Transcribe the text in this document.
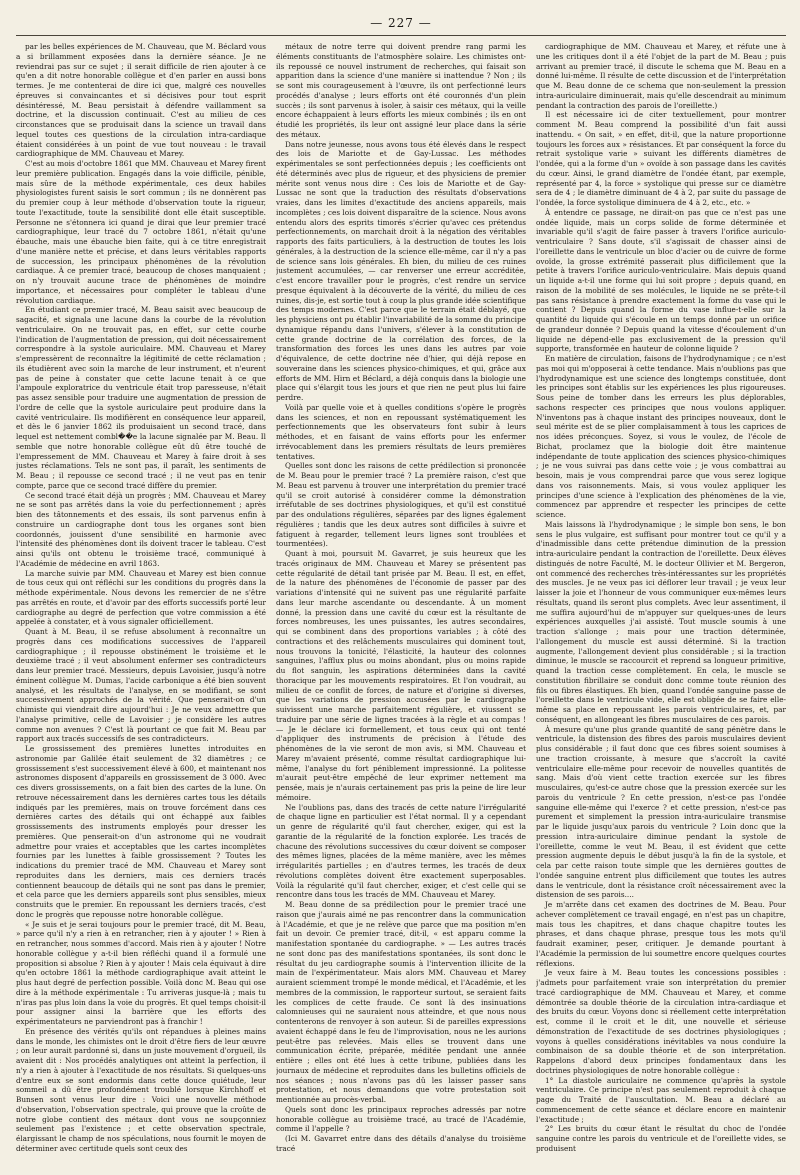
— 227 —

par les belles expériences de M. Chauveau, que M. Béclard vous a si brillamment exposées dans la dernière séance. Je ne reviendrai pas sur ce sujet ; il serait difficile de rien ajouter à ce qu'en a dit notre honorable collègue et d'en parler en aussi bons termes. Je me contenterai de dire ici que, malgré ces nouvelles épreuves si convaincantes et si décisives pour tout esprit désintéressé, M. Beau persistait à défendre vaillamment sa doctrine, et la discussion continuait. C'est au milieu de ces circonstances que se produisait dans la science un travail dans lequel toutes ces questions de la circulation intra-cardiaque étaient considérées à un point de vue tout nouveau : le travail cardiographique de MM. Chauveau et Marey.

C'est au mois d'octobre 1861 que MM. Chauveau et Marey firent leur première publication. Engagés dans la voie difficile, pénible, mais sûre de la méthode expérimentale, ces deux habiles physiologistes furent saisis le sort commun ; ils ne donnèrent pas du premier coup à leur méthode d'observation toute la rigueur, toute l'exactitude, toute la sensibilité dont elle était susceptible. Personne ne s'étonnera ici quand je dirai que leur premier tracé cardiographique, leur tracé du 7 octobre 1861, n'était qu'une ébauche, mais une ébauche bien faite, qui à ce titre enregistrait d'une manière nette et précise, et dans leurs véritables rapports de succession, les principaux phénomènes de la révolution cardiaque. À ce premier tracé, beaucoup de choses manquaient ; on n'y trouvait aucune trace de phénomènes de moindre importance, et nécessaires pour compléter le tableau d'une révolution cardiaque.

En étudiant ce premier tracé, M. Beau saisit avec beaucoup de sagacité, et signala une lacune dans la courbe de la révolution ventriculaire. On ne trouvait pas, en effet, sur cette courbe l'indication de l'augmentation de pression, qui doit nécessairement correspondre à la systole auriculaire. MM. Chauveau et Marey s'empressèrent de reconnaître la légitimité de cette réclamation ; ils étudièrent avec soin la marche de leur instrument, et n'eurent pas de peine à constater que cette lacune tenait à ce que l'ampoule exploratrice du ventricule était trop paresseuse, n'était pas assez sensible pour traduire une augmentation de pression de l'ordre de celle que la systole auriculaire peut produire dans la cavité ventriculaire. Ils modifièrent en conséquence leur appareil, et dès le 6 janvier 1862 ils produisaient un second tracé, dans lequel est nettement combl��e la lacune signalée par M. Beau. Il semble que notre honorable collègue eût dû être touché de l'empressement de MM. Chauveau et Marey à faire droit à ses justes réclamations. Tels ne sont pas, il paraît, les sentiments de M. Beau ; il repousse ce second tracé ; il ne veut pas en tenir compte, parce que ce second tracé diffère du premier.

Ce second tracé était déjà un progrès ; MM. Chauveau et Marey ne se sont pas arrêtés dans la voie du perfectionnement ; après bien des tâtonnements et des essais, ils sont parvenus enfin à construire un cardiographe dont tous les organes sont bien coordonnés, jouissent d'une sensibilité en harmonie avec l'intensité des phénomènes dont ils doivent tracer le tableau. C'est ainsi qu'ils ont obtenu le troisième tracé, communiqué à l'Académie de médecine en avril 1863.

La marche suivie par MM. Chauveau et Marey est bien connue de tous ceux qui ont réfléchi sur les conditions du progrès dans la méthode expérimentale. Nous devons les remercier de ne s'être pas arrêtés en route, et d'avoir par des efforts successifs porté leur cardiographe au degré de perfection que votre commission a été appelée à constater, et à vous signaler officiellement.

Quant à M. Beau, il se refuse absolument à reconnaître un progrès dans ces modifications successives de l'appareil cardiographique ; il repousse obstinément le troisième et le deuxième tracé ; il veut absolument enfermer ses contradicteurs dans leur premier tracé. Messieurs, depuis Lavoisier, jusqu'à notre éminent collègue M. Dumas, l'acide carbonique a été bien souvent analysé, et les résultats de l'analyse, en se modifiant, se sont successivement approchés de la vérité. Que penserait-on d'un chimiste qui viendrait dire aujourd'hui : Je ne veux admettre que l'analyse primitive, celle de Lavoisier ; je considère les autres comme non avenues ? C'est là pourtant ce que fait M. Beau par rapport aux tracés successifs de ses contradicteurs.

Le grossissement des premières lunettes introduites en astronomie par Galilée était seulement de 32 diamètres ; ce grossissement s'est successivement élevé à 600, et maintenant nos astronomes disposent d'appareils en grossissement de 3 000. Avec ces divers grossissements, on a fait bien des cartes de la lune. On retrouve nécessairement dans les dernières cartes tous les détails indiqués par les premières, mais on trouve forcément dans ces dernières cartes des détails qui ont échappé aux faibles grossissements des instruments employés pour dresser les premières. Que penserait-on d'un astronome qui ne voudrait admettre pour vraies et acceptables que les cartes incomplètes fournies par les lunettes à faible grossissement ? Toutes les indications du premier tracé de MM. Chauveau et Marey sont reproduites dans les derniers, mais ces derniers tracés contiennent beaucoup de détails qui ne sont pas dans le premier, et cela parce que les derniers appareils sont plus sensibles, mieux construits que le premier. En repoussant les derniers tracés, c'est donc le progrès que repousse notre honorable collègue.

« Je suis et je serai toujours pour le premier tracé, dit M. Beau, » parce qu'il n'y a rien à en retrancher, rien à y ajouter ! » Rien à en retrancher, nous sommes d'accord. Mais rien à y ajouter ! Notre honorable collègue y a-t-il bien réfléchi quand il a formulé une proposition si absolue ? Rien à y ajouter ! Mais cela équivaut à dire qu'en octobre 1861 la méthode cardiographique avait atteint le plus haut degré de perfection possible. Voilà donc M. Beau qui ose dire à la méthode expérimentale : Tu arriveras jusque-là ; mais tu n'iras pas plus loin dans la voie du progrès. Et quel temps choisit-il pour assigner ainsi la barrière que les efforts des expérimentateurs ne parviendront pas à franchir !

En présence des vérités qu'ils ont répandues à pleines mains dans le monde, les chimistes ont le droit d'être fiers de leur œuvre ; on leur aurait pardonné si, dans un juste mouvement d'orgueil, ils avaient dit : Nos procédés analytiques ont atteint la perfection, il n'y a rien à ajouter à l'exactitude de nos résultats. Si quelques-uns d'entre eux se sont endormis dans cette douce quiétude, leur sommeil a dû être profondément troublé lorsque Kirchhoff et Bunsen sont venus leur dire : Voici une nouvelle méthode d'observation, l'observation spectrale, qui prouve que la croûte de notre globe contient des métaux dont vous ne soupçonniez seulement pas l'existence ; et cette observation spectrale, élargissant le champ de nos spéculations, nous fournit le moyen de déterminer avec certitude quels sont ceux des

métaux de notre terre qui doivent prendre rang parmi les éléments constituants de l'atmosphère solaire. Les chimistes ont-ils repoussé ce nouvel instrument de recherches, qui faisait son apparition dans la science d'une manière si inattendue ? Non ; ils se sont mis courageusement à l'œuvre, ils ont perfectionné leurs procédés d'analyse ; leurs efforts ont été couronnés d'un plein succès ; ils sont parvenus à isoler, à saisir ces métaux, qui la veille encore échappaient à leurs efforts les mieux combinés ; ils en ont étudié les propriétés, ils leur ont assigné leur place dans la série des métaux.

Dans notre jeunesse, nous avons tous été élevés dans le respect des lois de Mariotte et de Gay-Lussac. Les méthodes expérimentales se sont perfectionnées depuis ; les coefficients ont été déterminés avec plus de rigueur, et des physiciens de premier mérite sont venus nous dire : Ces lois de Mariotte et de Gay-Lussac ne sont que la traduction des résultats d'observations vraies, dans les limites d'exactitude des anciens appareils, mais incomplètes ; ces lois doivent disparaître de la science. Nous avons entendu alors des esprits timorés s'écrier qu'avec ces prétendus perfectionnements, on marchait droit à la négation des véritables rapports des faits particuliers, à la destruction de toutes les lois générales, à la destruction de la science elle-même, car il n'y a pas de science sans lois générales. Eh bien, du milieu de ces ruines justement accumulées, — car renverser une erreur accréditée, c'est encore travailler pour le progrès, c'est rendre un service presque équivalent à la découverte de la vérité, du milieu de ces ruines, dis-je, est sortie tout à coup la plus grande idée scientifique des temps modernes. C'est parce que le terrain était déblayé, que les physiciens ont pu établir l'invariabilité de la somme du principe dynamique répandu dans l'univers, s'élever à la constitution de cette grande doctrine de la corrélation des forces, de la transformation des forces les unes dans les autres par voie d'équivalence, de cette doctrine née d'hier, qui déjà repose en souveraine dans les sciences physico-chimiques, et qui, grâce aux efforts de MM. Hirn et Béclard, a déjà conquis dans la biologie une place qui s'élargit tous les jours et que rien ne peut plus lui faire perdre.

Voilà par quelle voie et à quelles conditions s'opère le progrès dans les sciences, et non en repoussant systématiquement les perfectionnements que les observateurs font subir à leurs méthodes, et en faisant de vains efforts pour les enfermer irrévocablement dans les premiers résultats de leurs premières tentatives.

Quelles sont donc les raisons de cette prédilection si prononcée de M. Beau pour le premier tracé ? La première raison, c'est que M. Beau est parvenu à trouver une interprétation du premier tracé qu'il se croit autorisé à considérer comme la démonstration irréfutable de ses doctrines physiologiques, et qu'il est constitué par des ondulations régulières, séparées par des lignes également régulières ; tandis que les deux autres sont difficiles à suivre et fatiguent à regarder, tellement leurs lignes sont troublées et tourmentées).

Quant à moi, poursuit M. Gavarret, je suis heureux que les tracés originaux de MM. Chauveau et Marey se présentent pas cette régularité de détail tant prisée par M. Beau. Il est, en effet, de la nature des phénomènes de l'économie de passer par des variations d'intensité qui ne suivent pas une régularité parfaite dans leur marche ascendante ou descendante. À un moment donné, la pression dans une cavité du cœur est la résultante de forces nombreuses, les unes puissantes, les autres secondaires, qui se combinent dans des proportions variables ; à côté des contractions et des relâchements musculaires qui dominent tout, nous trouvons la tonicité, l'élasticité, la hauteur des colonnes sanguines, l'afflux plus ou moins abondant, plus ou moins rapide du flot sanguin, les aspirations déterminées dans la cavité thoracique par les mouvements respiratoires. Et l'on voudrait, au milieu de ce conflit de forces, de nature et d'origine si diverses, que les variations de pression accusées par le cardiographe suivissent une marche parfaitement régulière, et viussent se traduire par une série de lignes tracées à la règle et au compas ! — Je le déclare ici formellement, et tous ceux qui ont tenté d'appliquer des instruments de précision à l'étude des phénomènes de la vie seront de mon avis, si MM. Chauveau et Marey m'avaient présenté, comme résultat cardiographique lui-même, l'analyse du fort péniblement impressionné. La politesse m'aurait peut-être empêché de leur exprimer nettement ma pensée, mais je n'aurais certainement pas pris la peine de lire leur mémoire.

Ne l'oublions pas, dans des tracés de cette nature l'irrégularité de chaque ligne en particulier est l'état normal. Il y a cependant un genre de régularité qu'il faut chercher, exiger, qui est la garantie de la régularité de la fonction explorée. Les tracés de chacune des révolutions successives du cœur doivent se composer des mêmes lignes, placées de la même manière, avec les mêmes irrégularités partielles ; en d'autres termes, les tracés de deux révolutions complètes doivent être exactement superposables. Voilà la régularité qu'il faut chercher, exiger, et c'est celle qui se rencontre dans tous les tracés de MM. Chauveau et Marey.

M. Beau donne de sa prédilection pour le premier tracé une raison que j'aurais aimé ne pas rencontrer dans la communication à l'Académie, et que je ne relève que parce que ma position m'en fait un devoir. Ce premier tracé, dit-il, « est apparu comme la manifestation spontanée du cardiographe. » — Les autres tracés ne sont donc pas des manifestations spontanées, ils sont donc le résultat du jeu cardiographe soumis à l'intervention illicite de la main de l'expérimentateur. Mais alors MM. Chauveau et Marey auraient sciemment trompé le monde médical, et l'Académie, et les membres de la commission, le rapporteur surtout, se seraient faits les complices de cette fraude. Ce sont là des insinuations calomnieuses qui ne sauraient nous atteindre, et que nous nous contenterons de renvoyer à son auteur. Si de pareilles expressions avaient échappé dans le feu de l'improvisation, nous ne les aurions peut-être pas relevées. Mais elles se trouvent dans une communication écrite, préparée, méditée pendant une année entière ; elles ont été lues à cette tribune, publiées dans les journaux de médecine et reproduites dans les bulletins officiels de nos séances ; nous n'avons pas dû les laisser passer sans protestation, et nous demandons que votre protestation soit mentionnée au procès-verbal.

Quels sont donc les principaux reproches adressés par notre honorable collègue au troisième tracé, au tracé de l'Académie, comme il l'appelle ?

(Ici M. Gavarret entre dans des détails d'analyse du troisième tracé

cardiographique de MM. Chauveau et Marey, et réfute une à une les critiques dont il a été l'objet de la part de M. Beau ; puis arrivant au premier tracé, il discute le schema que M. Beau en a donné lui-même. Il résulte de cette discussion et de l'interprétation que M. Beau donne de ce schema que non-seulement la pression intra-auriculaire diminuerait, mais qu'elle descendrait au minimum pendant la contraction des parois de l'oreillette.)

Il est nécessaire ici de citer textuellement, pour montrer comment M. Beau comprend la possibilité d'un fait aussi inattendu. « On sait, » en effet, dit-il, que la nature proportionne toujours les forces aux » résistances. Et par conséquent la force du retrait systolique varie » suivant les différents diamètres de l'ondée, qui a la forme d'un » ovoïde à son passage dans les cavités du cœur. Ainsi, le grand diamètre de l'ondée étant, par exemple, représenté par 4, la force » systolique qui presse sur ce diamètre sera de 4 ; le diamètre diminuant de 4 à 2, par suite du passage de l'ondée, la force systolique diminuera de 4 à 2, etc., etc. »

À entendre ce passage, ne dirait-on pas que ce n'est pas une ondée liquide, mais un corps solide de forme déterminée et invariable qu'il s'agit de faire passer à travers l'orifice auriculo-ventriculaire ? Sans doute, s'il s'agissait de chasser ainsi de l'oreillette dans le ventricule un bloc d'acier ou de cuivre de forme ovoïde, la grosse extrémité passerait plus difficilement que la petite à travers l'orifice auriculo-ventriculaire. Mais depuis quand un liquide a-t-il une forme qui lui soit propre ; depuis quand, en raison de la mobilité de ses molécules, le liquide ne se prête-t-il pas sans résistance à prendre exactement la forme du vase qui le contient ? Depuis quand la forme du vase influe-t-elle sur la quantité du liquide qui s'écoule en un temps donné par un orifice de grandeur donnée ? Depuis quand la vitesse d'écoulement d'un liquide ne dépend-elle pas exclusivement de la pression qu'il supporte, transformée en hauteur de colonne liquide ?

En matière de circulation, faisons de l'hydrodynamique ; ce n'est pas moi qui m'opposerai à cette tendance. Mais n'oublions pas que l'hydrodynamique est une science des longtemps constituée, dont les principes sont établis sur les expériences les plus rigoureuses. Sous peine de tomber dans les erreurs les plus déplorables, sachons respecter ces principes que nous voulons appliquer. N'inventons pas à chaque instant des principes nouveaux, dont le seul mérite est de se plier complaisamment à tous les caprices de nos idées préconçues. Soyez, si vous le voulez, de l'école de Bichat, proclamez que la biologie doit être maintenue indépendante de toute application des sciences physico-chimiques ; je ne vous suivrai pas dans cette voie ; je vous combattrai au besoin, mais je vous comprendrai parce que vous serez logique dans vos raisonnements. Mais, si vous voulez appliquer les principes d'une science à l'explication des phénomènes de la vie, commencez par apprendre et respecter les principes de cette science.

Mais laissons là l'hydrodynamique ; le simple bon sens, le bon sens le plus vulgaire, est suffisant pour montrer tout ce qu'il y a d'inadmissible dans cette prétendue diminution de la pression intra-auriculaire pendant la contraction de l'oreillette. Deux élèves distingués de notre Faculté, M. le docteur Ollivier et M. Bergeron, ont commencé des recherches très-intéressantes sur les propriétés des muscles. Je ne veux pas ici déflorer leur travail ; je veux leur laisser la joie et l'honneur de vous communiquer eux-mêmes leurs résultats, quand ils seront plus complets. Avec leur assentiment, il me suffira aujourd'hui de m'appuyer sur quelques-unes de leurs expériences auxquelles j'ai assisté. Tout muscle soumis à une traction s'allonge ; mais pour une traction déterminée, l'allongement du muscle est aussi déterminé. Si la traction augmente, l'allongement devient plus considérable ; si la traction diminue, le muscle se raccourcit et reprend sa longueur primitive, quand la traction cesse complètement. En cela, le muscle se constitution fibrillaire se conduit donc comme toute réunion des fils ou fibres élastiques. Eh bien, quand l'ondée sanguine passe de l'oreillette dans le ventricule vide, elle est obligée de se faire elle-même sa place en repoussant les parois ventriculaires, et, par conséquent, en allongeant les fibres musculaires de ces parois.

À mesure qu'une plus grande quantité de sang pénètre dans le ventricule, la distension des fibres des parois musculaires devient plus considérable ; il faut donc que ces fibres soient soumises à une traction croissante, à mesure que s'accroît la cavité ventriculaire elle-même pour recevoir de nouvelles quantités de sang. Mais d'où vient cette traction exercée sur les fibres musculaires, qu'est-ce autre chose que la pression exercée sur les parois du ventricule ? En cette pression, n'est-ce pas l'ondée sanguine elle-même qui l'exerce ? et cette pression, n'est-ce pas purement et simplement la pression intra-auriculaire transmise par le liquide jusqu'aux parois du ventricule ? Loin donc que la pression intra-auriculaire diminue pendant la systole de l'oreillette, comme le veut M. Beau, il est évident que cette pression augmente depuis le début jusqu'à la fin de la systole, et cela par cette raison toute simple que les dernières gouttes de l'ondée sanguine entrent plus difficilement que toutes les autres dans le ventricule, dont la résistance croît nécessairement avec la distension de ses parois....

Je m'arrête dans cet examen des doctrines de M. Beau. Pour achever complètement ce travail engagé, en n'est pas un chapitre, mais tous les chapitres, et dans chaque chapitre toutes les phrases, et dans chaque phrase, presque tous les mots qu'il faudrait examiner, peser, critiquer. Je demande pourtant à l'Académie la permission de lui soumettre encore quelques courtes réflexions.

Je veux faire à M. Beau toutes les concessions possibles : j'admets pour parfaitement vraie son interprétation du premier tracé cardiographique de MM. Chauveau et Marey, et comme démontrée sa double théorie de la circulation intra-cardiaque et des bruits du cœur. Voyons donc si réellement cette interprétation est, comme il le croit et le dit, une nouvelle et sérieuse démonstration de l'exactitude de ses doctrines physiologiques ; voyons à quelles considérations inévitables va nous conduire la combinaison de sa double théorie et de son interprétation. Rappelons d'abord deux principes fondamentaux dans les doctrines physiologiques de notre honorable collègue :

1° La diastole auriculaire ne commence qu'après la systole ventriculaire. Ce principe n'est pas seulement reproduit à chaque page du Traité de l'auscultation. M. Beau a déclaré au commencement de cette séance et déclare encore en maintenir l'exactitude ;

2° Les bruits du cœur étant le résultat du choc de l'ondée sanguine contre les parois du ventricule et de l'oreillette vides, se produisent
